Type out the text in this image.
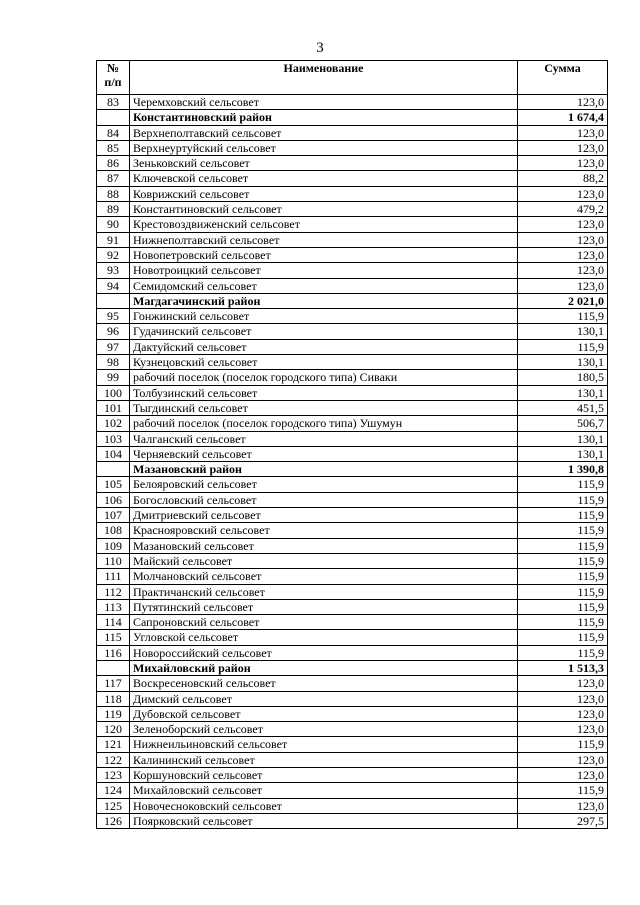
3
№
п/п	Наименование	Сумма
83	Черемховский сельсовет	123,0
	Константиновский район	1 674,4
84	Верхнеполтавский сельсовет	123,0
85	Верхнеуртуйский сельсовет	123,0
86	Зеньковский сельсовет	123,0
87	Ключевской сельсовет	88,2
88	Коврижский сельсовет	123,0
89	Константиновский сельсовет	479,2
90	Крестовоздвиженский сельсовет	123,0
91	Нижнеполтавский сельсовет	123,0
92	Новопетровский сельсовет	123,0
93	Новотроицкий сельсовет	123,0
94	Семидомский сельсовет	123,0
	Магдагачинский район	2 021,0
95	Гонжинский сельсовет	115,9
96	Гудачинский сельсовет	130,1
97	Дактуйский сельсовет	115,9
98	Кузнецовский сельсовет	130,1
99	рабочий поселок (поселок городского типа) Сиваки	180,5
100	Толбузинский сельсовет	130,1
101	Тыгдинский сельсовет	451,5
102	рабочий поселок (поселок городского типа) Ушумун	506,7
103	Чалганский сельсовет	130,1
104	Черняевский сельсовет	130,1
	Мазановский район	1 390,8
105	Белояровский сельсовет	115,9
106	Богословский сельсовет	115,9
107	Дмитриевский сельсовет	115,9
108	Краснояровский сельсовет	115,9
109	Мазановский сельсовет	115,9
110	Майский сельсовет	115,9
111	Молчановский сельсовет	115,9
112	Практичанский сельсовет	115,9
113	Путятинский сельсовет	115,9
114	Сапроновский сельсовет	115,9
115	Угловской сельсовет	115,9
116	Новороссийский сельсовет	115,9
	Михайловский район	1 513,3
117	Воскресеновский сельсовет	123,0
118	Димский сельсовет	123,0
119	Дубовской сельсовет	123,0
120	Зеленоборский сельсовет	123,0
121	Нижнеильиновский сельсовет	115,9
122	Калининский сельсовет	123,0
123	Коршуновский сельсовет	123,0
124	Михайловский сельсовет	115,9
125	Новочесноковский сельсовет	123,0
126	Поярковский сельсовет	297,5
